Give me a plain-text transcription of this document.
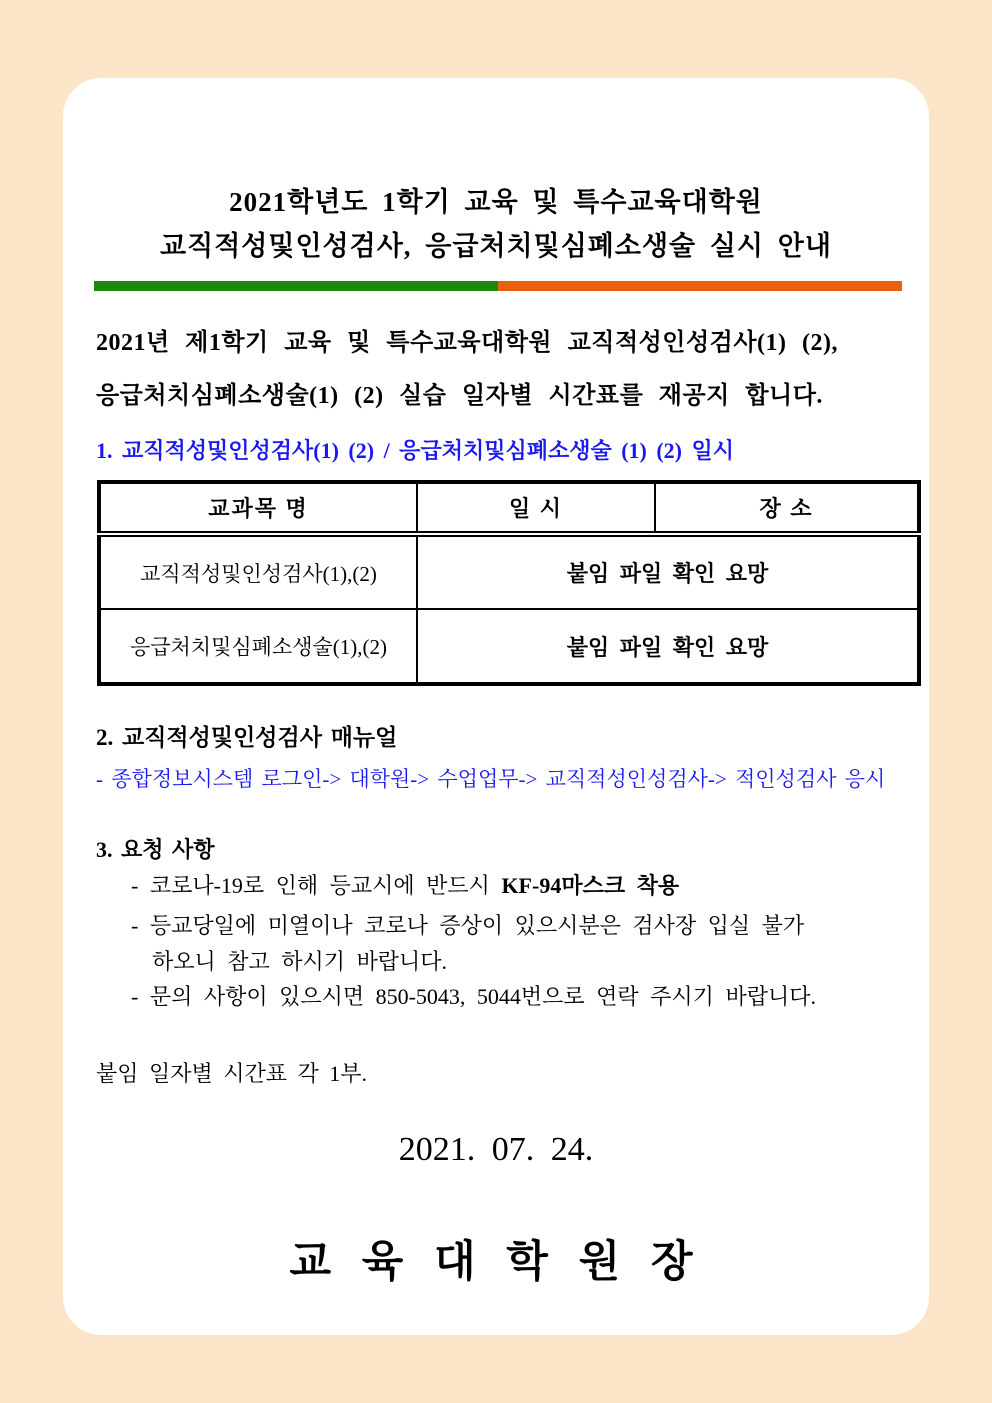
2021학년도 1학기 교육 및 특수교육대학원
교직적성및인성검사, 응급처치및심폐소생술 실시 안내
2021년 제1학기 교육 및 특수교육대학원 교직적성인성검사(1) (2),
응급처치심폐소생술(1) (2) 실습 일자별 시간표를 재공지 합니다.
1. 교직적성및인성검사(1) (2) / 응급처치및심폐소생술 (1) (2) 일시
교과목 명	일 시	장 소
교직적성및인성검사(1),(2)	붙임 파일 확인 요망	
응급처치및심폐소생술(1),(2)	붙임 파일 확인 요망	
2. 교직적성및인성검사 매뉴얼
- 종합정보시스템 로그인-> 대학원-> 수업업무-> 교직적성인성검사-> 적인성검사 응시
3. 요청 사항
- 코로나-19로 인해 등교시에 반드시 KF-94마스크 착용
- 등교당일에 미열이나 코로나 증상이 있으시분은 검사장 입실 불가
하오니 참고 하시기 바랍니다.
- 문의 사항이 있으시면 850-5043, 5044번으로 연락 주시기 바랍니다.
붙임 일자별 시간표 각 1부.
2021. 07. 24.
교 육 대 학 원 장
